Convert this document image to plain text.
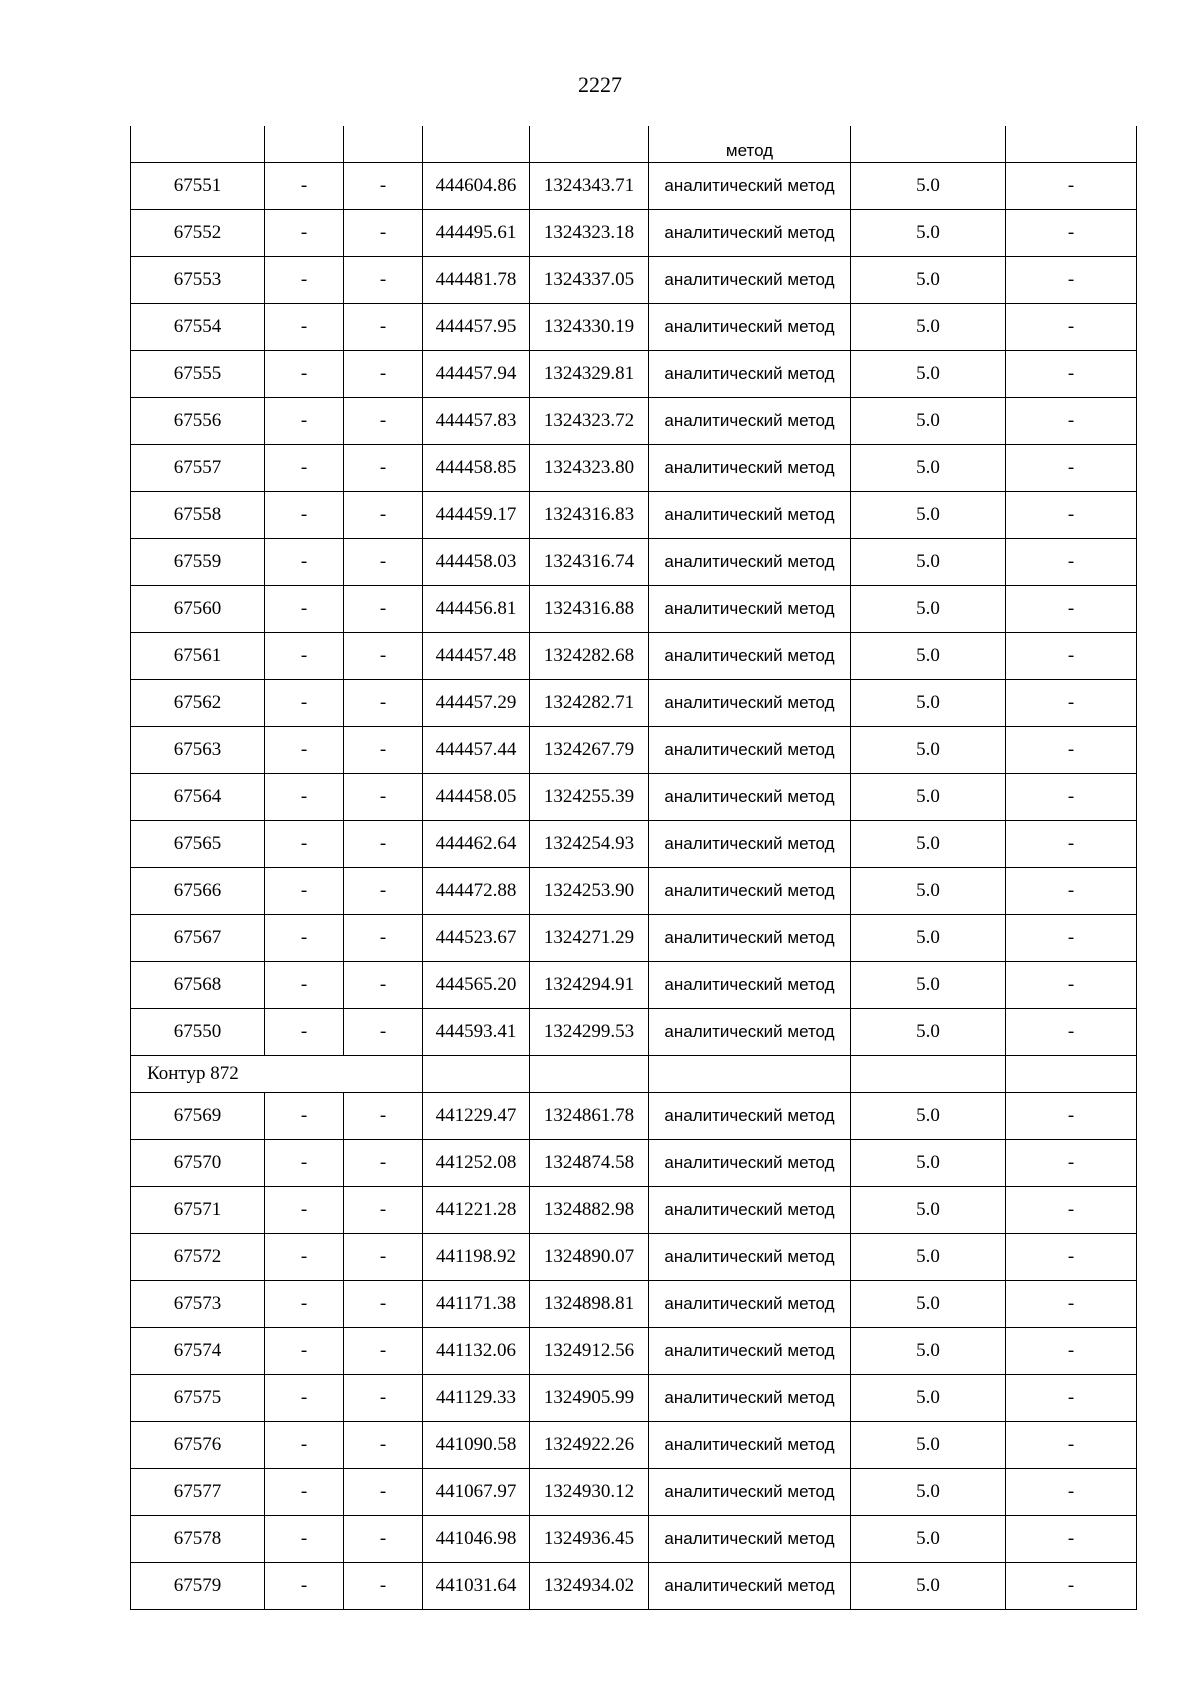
2227
					метод		
67551	-	-	444604.86	1324343.71	аналитический метод	5.0	-
67552	-	-	444495.61	1324323.18	аналитический метод	5.0	-
67553	-	-	444481.78	1324337.05	аналитический метод	5.0	-
67554	-	-	444457.95	1324330.19	аналитический метод	5.0	-
67555	-	-	444457.94	1324329.81	аналитический метод	5.0	-
67556	-	-	444457.83	1324323.72	аналитический метод	5.0	-
67557	-	-	444458.85	1324323.80	аналитический метод	5.0	-
67558	-	-	444459.17	1324316.83	аналитический метод	5.0	-
67559	-	-	444458.03	1324316.74	аналитический метод	5.0	-
67560	-	-	444456.81	1324316.88	аналитический метод	5.0	-
67561	-	-	444457.48	1324282.68	аналитический метод	5.0	-
67562	-	-	444457.29	1324282.71	аналитический метод	5.0	-
67563	-	-	444457.44	1324267.79	аналитический метод	5.0	-
67564	-	-	444458.05	1324255.39	аналитический метод	5.0	-
67565	-	-	444462.64	1324254.93	аналитический метод	5.0	-
67566	-	-	444472.88	1324253.90	аналитический метод	5.0	-
67567	-	-	444523.67	1324271.29	аналитический метод	5.0	-
67568	-	-	444565.20	1324294.91	аналитический метод	5.0	-
67550	-	-	444593.41	1324299.53	аналитический метод	5.0	-
Контур 872							
67569	-	-	441229.47	1324861.78	аналитический метод	5.0	-
67570	-	-	441252.08	1324874.58	аналитический метод	5.0	-
67571	-	-	441221.28	1324882.98	аналитический метод	5.0	-
67572	-	-	441198.92	1324890.07	аналитический метод	5.0	-
67573	-	-	441171.38	1324898.81	аналитический метод	5.0	-
67574	-	-	441132.06	1324912.56	аналитический метод	5.0	-
67575	-	-	441129.33	1324905.99	аналитический метод	5.0	-
67576	-	-	441090.58	1324922.26	аналитический метод	5.0	-
67577	-	-	441067.97	1324930.12	аналитический метод	5.0	-
67578	-	-	441046.98	1324936.45	аналитический метод	5.0	-
67579	-	-	441031.64	1324934.02	аналитический метод	5.0	-
